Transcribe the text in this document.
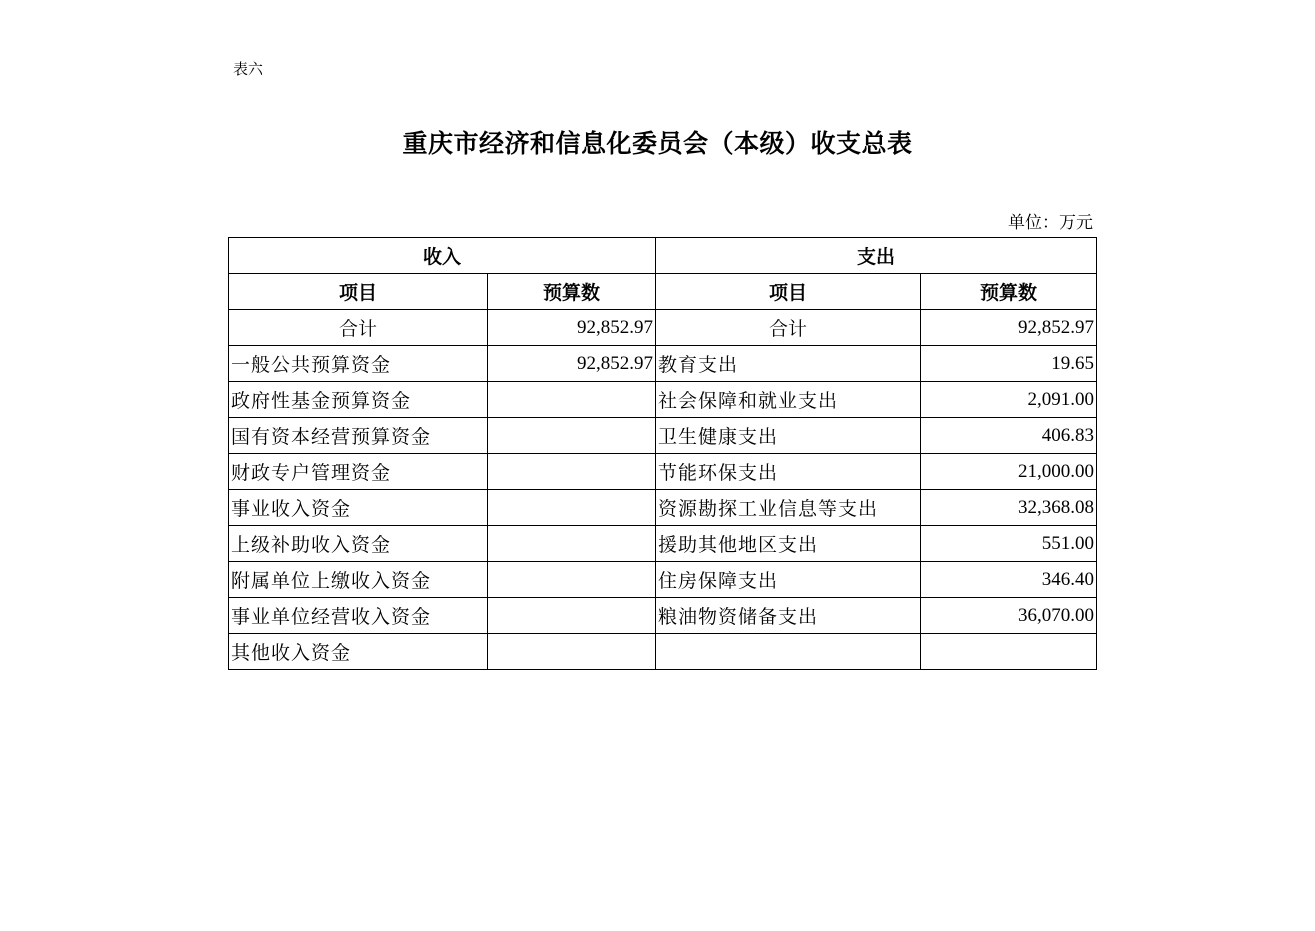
表六
重庆市经济和信息化委员会（本级）收支总表
单位：万元
收入		支出	
项目	预算数	项目	预算数
合计	92,852.97	合计	92,852.97
一般公共预算资金	92,852.97	教育支出	19.65
政府性基金预算资金		社会保障和就业支出	2,091.00
国有资本经营预算资金		卫生健康支出	406.83
财政专户管理资金		节能环保支出	21,000.00
事业收入资金		资源勘探工业信息等支出	32,368.08
上级补助收入资金		援助其他地区支出	551.00
附属单位上缴收入资金		住房保障支出	346.40
事业单位经营收入资金		粮油物资储备支出	36,070.00
其他收入资金			
